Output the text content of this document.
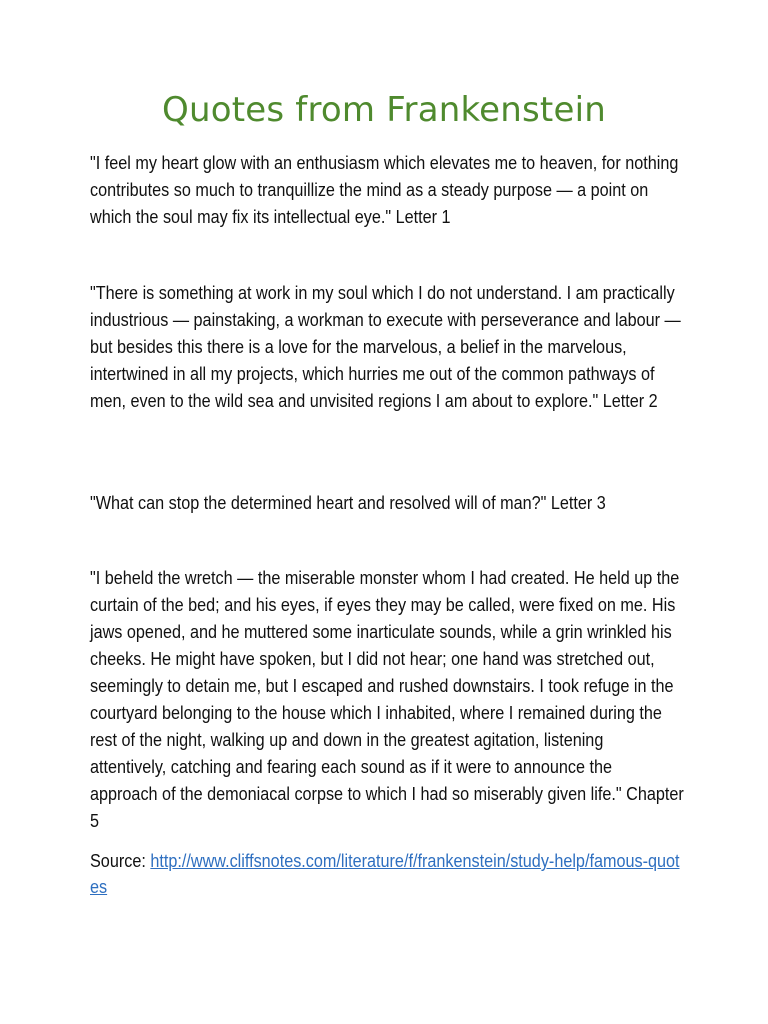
Quotes from Frankenstein

"I feel my heart glow with an enthusiasm which elevates me to heaven, for nothing contributes so much to tranquillize the mind as a steady purpose — a point on which the soul may fix its intellectual eye." Letter 1

"There is something at work in my soul which I do not understand. I am practically industrious — painstaking, a workman to execute with perseverance and labour — but besides this there is a love for the marvelous, a belief in the marvelous, intertwined in all my projects, which hurries me out of the common pathways of men, even to the wild sea and unvisited regions I am about to explore." Letter 2

"What can stop the determined heart and resolved will of man?" Letter 3

"I beheld the wretch — the miserable monster whom I had created. He held up the curtain of the bed; and his eyes, if eyes they may be called, were fixed on me. His jaws opened, and he muttered some inarticulate sounds, while a grin wrinkled his cheeks. He might have spoken, but I did not hear; one hand was stretched out, seemingly to detain me, but I escaped and rushed downstairs. I took refuge in the courtyard belonging to the house which I inhabited, where I remained during the rest of the night, walking up and down in the greatest agitation, listening attentively, catching and fearing each sound as if it were to announce the approach of the demoniacal corpse to which I had so miserably given life." Chapter 5

Source: http://www.cliffsnotes.com/literature/f/frankenstein/study-help/famous-quotes
